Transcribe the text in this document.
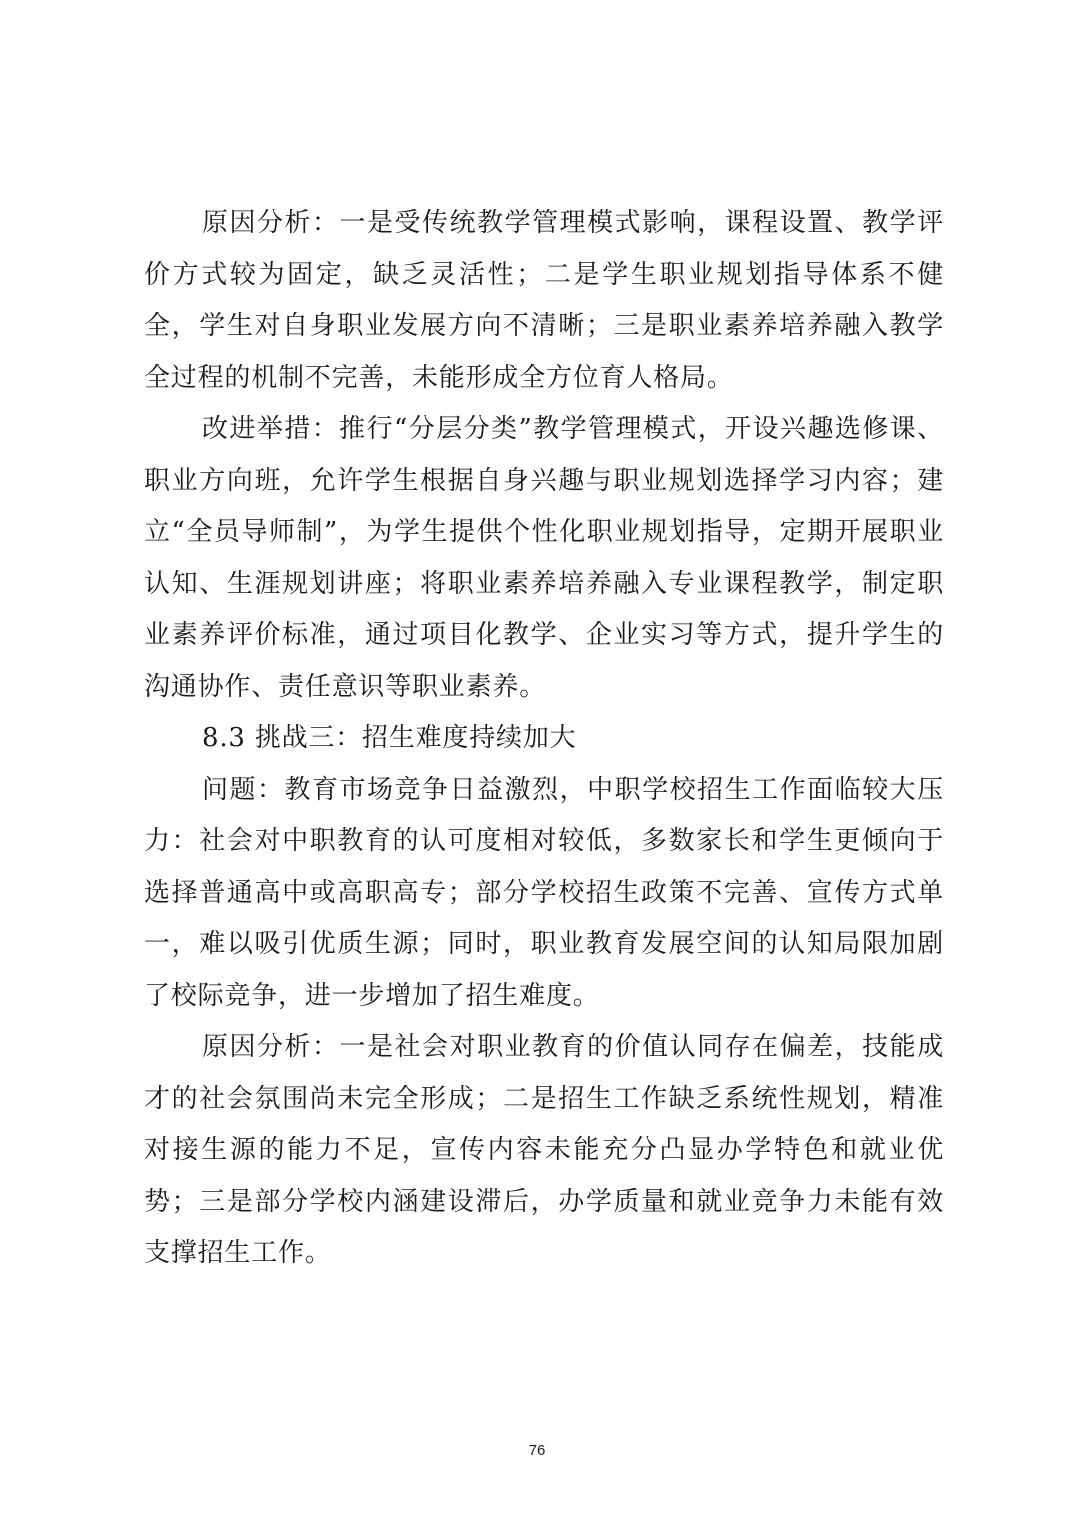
原因分析：一是受传统教学管理模式影响，课程设置、教学评价方式较为固定，缺乏灵活性；二是学生职业规划指导体系不健全，学生对自身职业发展方向不清晰；三是职业素养培养融入教学全过程的机制不完善，未能形成全方位育人格局。

改进举措：推行“分层分类”教学管理模式，开设兴趣选修课、职业方向班，允许学生根据自身兴趣与职业规划选择学习内容；建立“全员导师制”，为学生提供个性化职业规划指导，定期开展职业认知、生涯规划讲座；将职业素养培养融入专业课程教学，制定职业素养评价标准，通过项目化教学、企业实习等方式，提升学生的沟通协作、责任意识等职业素养。

8.3 挑战三：招生难度持续加大

问题：教育市场竞争日益激烈，中职学校招生工作面临较大压力：社会对中职教育的认可度相对较低，多数家长和学生更倾向于选择普通高中或高职高专；部分学校招生政策不完善、宣传方式单一，难以吸引优质生源；同时，职业教育发展空间的认知局限加剧了校际竞争，进一步增加了招生难度。

原因分析：一是社会对职业教育的价值认同存在偏差，技能成才的社会氛围尚未完全形成；二是招生工作缺乏系统性规划，精准对接生源的能力不足，宣传内容未能充分凸显办学特色和就业优势；三是部分学校内涵建设滞后，办学质量和就业竞争力未能有效支撑招生工作。

76
